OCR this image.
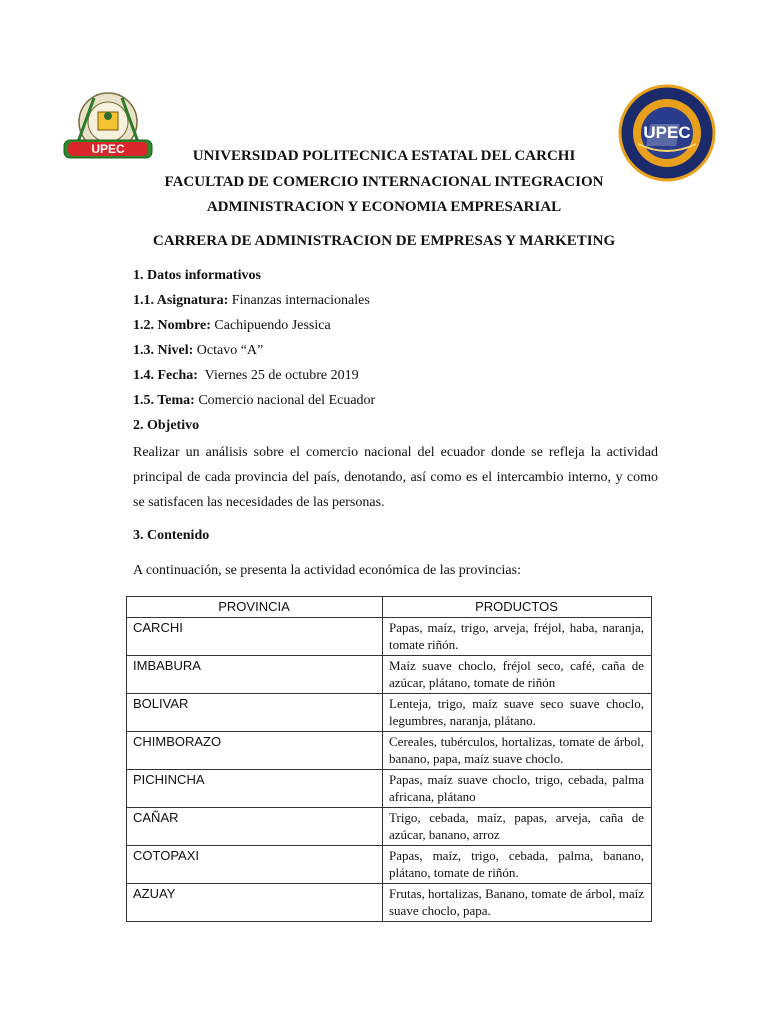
UPEC
UPEC
UNIVERSIDAD POLITECNICA ESTATAL DEL CARCHI
FACULTAD DE COMERCIO INTERNACIONAL INTEGRACION
ADMINISTRACION Y ECONOMIA EMPRESARIAL
CARRERA DE ADMINISTRACION DE EMPRESAS Y MARKETING
1. Datos informativos
1.1. Asignatura: Finanzas internacionales
1.2. Nombre: Cachipuendo Jessica
1.3. Nivel: Octavo “A”
1.4. Fecha:  Viernes 25 de octubre 2019
1.5. Tema: Comercio nacional del Ecuador
2. Objetivo
Realizar un análisis sobre el comercio nacional del ecuador donde se refleja la actividad principal de cada provincia del país, denotando, así como es el intercambio interno, y como se satisfacen las necesidades de las personas.
3. Contenido
A continuación, se presenta la actividad económica de las provincias:
PROVINCIA	PRODUCTOS
CARCHI	Papas, maíz, trigo, arveja, fréjol, haba, naranja, tomate riñón.
IMBABURA	Maíz suave choclo, fréjol seco, café, caña de azúcar, plátano, tomate de riñón
BOLIVAR	Lenteja, trigo, maíz suave seco suave choclo, legumbres, naranja, plátano.
CHIMBORAZO	Cereales, tubérculos, hortalizas, tomate de árbol, banano, papa, maíz suave choclo.
PICHINCHA	Papas, maíz suave choclo, trigo, cebada, palma africana, plátano
CAÑAR	Trigo, cebada, maíz, papas, arveja, caña de azúcar, banano, arroz
COTOPAXI	Papas, maíz, trigo, cebada, palma, banano, plátano, tomate de riñón.
AZUAY	Frutas, hortalizas, Banano, tomate de árbol, maíz suave choclo, papa.
